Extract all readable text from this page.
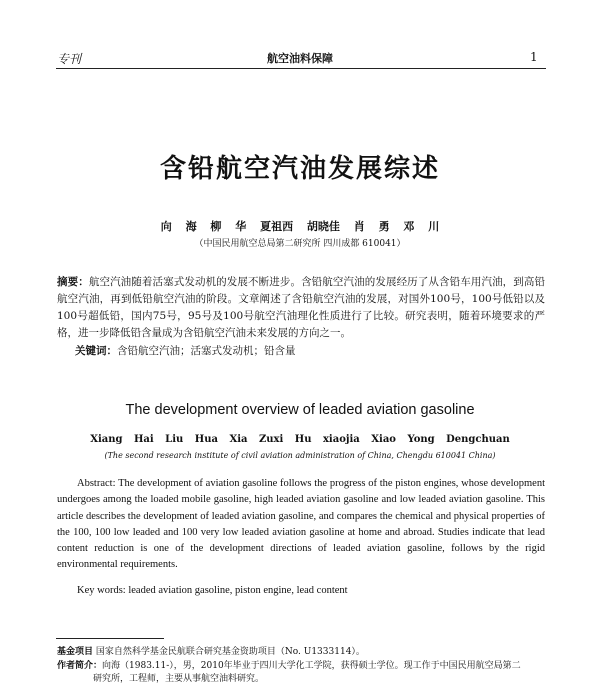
专刊	航空油料保障	1
含铅航空汽油发展综述
向 海 柳 华 夏祖西 胡晓佳 肖 勇 邓 川
（中国民用航空总局第二研究所 四川成都 610041）
摘要：航空汽油随着活塞式发动机的发展不断进步。含铅航空汽油的发展经历了从含铅车用汽油，到高铅航空汽油，再到低铅航空汽油的阶段。文章阐述了含铅航空汽油的发展，对国外100号，100号低铅以及100号超低铅，国内75号，95号及100号航空汽油理化性质进行了比较。研究表明，随着环境要求的严格，进一步降低铅含量成为含铅航空汽油未来发展的方向之一。
关键词：含铅航空汽油；活塞式发动机；铅含量
The development overview of leaded aviation gasoline
Xiang Hai Liu Hua Xia Zuxi Hu xiaojia Xiao Yong Dengchuan
(The second research institute of civil aviation administration of China, Chengdu 610041 China)
Abstract: The development of aviation gasoline follows the progress of the piston engines, whose development undergoes among the loaded mobile gasoline, high leaded aviation gasoline and low leaded aviation gasoline. This article describes the development of leaded aviation gasoline, and compares the chemical and physical properties of the 100, 100 low leaded and 100 very low leaded aviation gasoline at home and abroad. Studies indicate that lead content reduction is one of the development directions of leaded aviation gasoline, follows by the rigid environmental requirements.
Key words: leaded aviation gasoline, piston engine, lead content
基金项目 国家自然科学基金民航联合研究基金资助项目（No. U1333114）。
作者简介：向海（1983.11-），男，2010年毕业于四川大学化工学院，获得硕士学位。现工作于中国民用航空局第二
研究所，工程师，主要从事航空油料研究。
